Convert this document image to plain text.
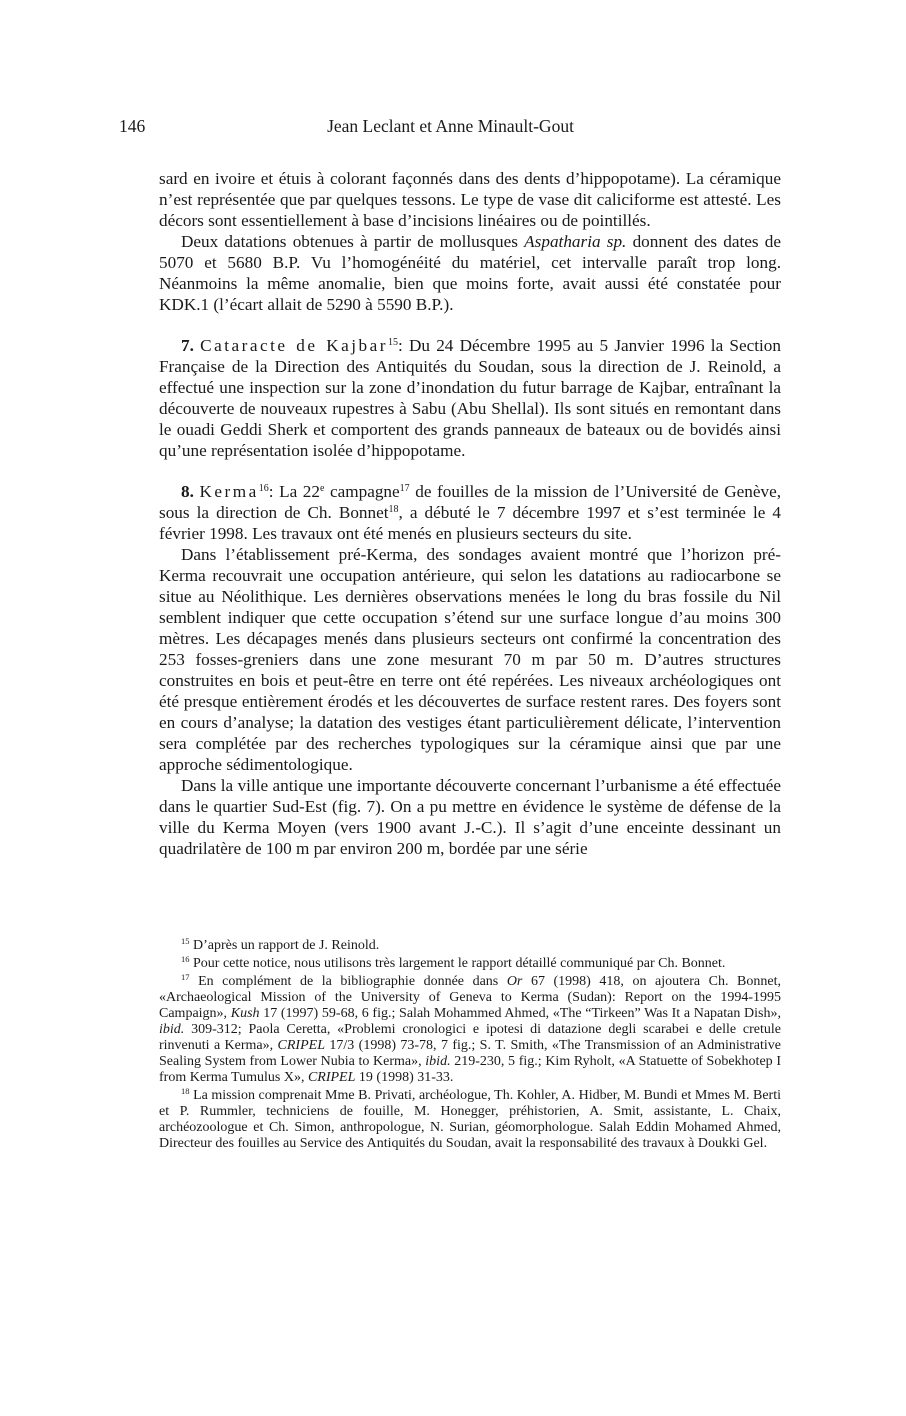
146	Jean Leclant et Anne Minault-Gout

sard en ivoire et étuis à colorant façonnés dans des dents d’hippopotame). La céramique n’est représentée que par quelques tessons. Le type de vase dit caliciforme est attesté. Les décors sont essentiellement à base d’incisions linéaires ou de pointillés.

Deux datations obtenues à partir de mollusques Aspatharia sp. donnent des dates de 5070 et 5680 B.P. Vu l’homogénéité du matériel, cet intervalle paraît trop long. Néanmoins la même anomalie, bien que moins forte, avait aussi été constatée pour KDK.1 (l’écart allait de 5290 à 5590 B.P.).

7. Cataracte de Kajbar$^{15}$: Du 24 Décembre 1995 au 5 Janvier 1996 la Section Française de la Direction des Antiquités du Soudan, sous la direction de J. Reinold, a effectué une inspection sur la zone d’inondation du futur barrage de Kajbar, entraînant la découverte de nouveaux rupestres à Sabu (Abu Shellal). Ils sont situés en remontant dans le ouadi Geddi Sherk et comportent des grands panneaux de bateaux ou de bovidés ainsi qu’une représentation isolée d’hippopotame.

8. Kerma$^{16}$: La 22e campagne$^{17}$ de fouilles de la mission de l’Université de Genève, sous la direction de Ch. Bonnet$^{18}$, a débuté le 7 décembre 1997 et s’est terminée le 4 février 1998. Les travaux ont été menés en plusieurs secteurs du site.

Dans l’établissement pré-Kerma, des sondages avaient montré que l’horizon pré-Kerma recouvrait une occupation antérieure, qui selon les datations au radiocarbone se situe au Néolithique. Les dernières observations menées le long du bras fossile du Nil semblent indiquer que cette occupation s’étend sur une surface longue d’au moins 300 mètres. Les décapages menés dans plusieurs secteurs ont confirmé la concentration des 253 fosses-greniers dans une zone mesurant 70 m par 50 m. D’autres structures construites en bois et peut-être en terre ont été repérées. Les niveaux archéologiques ont été presque entièrement érodés et les découvertes de surface restent rares. Des foyers sont en cours d’analyse; la datation des vestiges étant particulièrement délicate, l’intervention sera complétée par des recherches typologiques sur la céramique ainsi que par une approche sédimentologique.

Dans la ville antique une importante découverte concernant l’urbanisme a été effectuée dans le quartier Sud-Est (fig. 7). On a pu mettre en évidence le système de défense de la ville du Kerma Moyen (vers 1900 avant J.-C.). Il s’agit d’une enceinte dessinant un quadrilatère de 100 m par environ 200 m, bordée par une série

$^{15}$ D’après un rapport de J. Reinold.

$^{16}$ Pour cette notice, nous utilisons très largement le rapport détaillé communiqué par Ch. Bonnet.

$^{17}$ En complément de la bibliographie donnée dans Or 67 (1998) 418, on ajoutera Ch. Bonnet, «Archaeological Mission of the University of Geneva to Kerma (Sudan): Report on the 1994-1995 Campaign», Kush 17 (1997) 59-68, 6 fig.; Salah Mohammed Ahmed, «The “Tirkeen” Was It a Napatan Dish», ibid. 309-312; Paola Ceretta, «Problemi cronologici e ipotesi di datazione degli scarabei e delle cretule rinvenuti a Kerma», CRIPEL 17/3 (1998) 73-78, 7 fig.; S. T. Smith, «The Transmission of an Administrative Sealing System from Lower Nubia to Kerma», ibid. 219-230, 5 fig.; Kim Ryholt, «A Statuette of Sobekhotep I from Kerma Tumulus X», CRIPEL 19 (1998) 31-33.

$^{18}$ La mission comprenait Mme B. Privati, archéologue, Th. Kohler, A. Hidber, M. Bundi et Mmes M. Berti et P. Rummler, techniciens de fouille, M. Honegger, préhistorien, A. Smit, assistante, L. Chaix, archéozoologue et Ch. Simon, anthropologue, N. Surian, géomorphologue. Salah Eddin Mohamed Ahmed, Directeur des fouilles au Service des Antiquités du Soudan, avait la responsabilité des travaux à Doukki Gel.
